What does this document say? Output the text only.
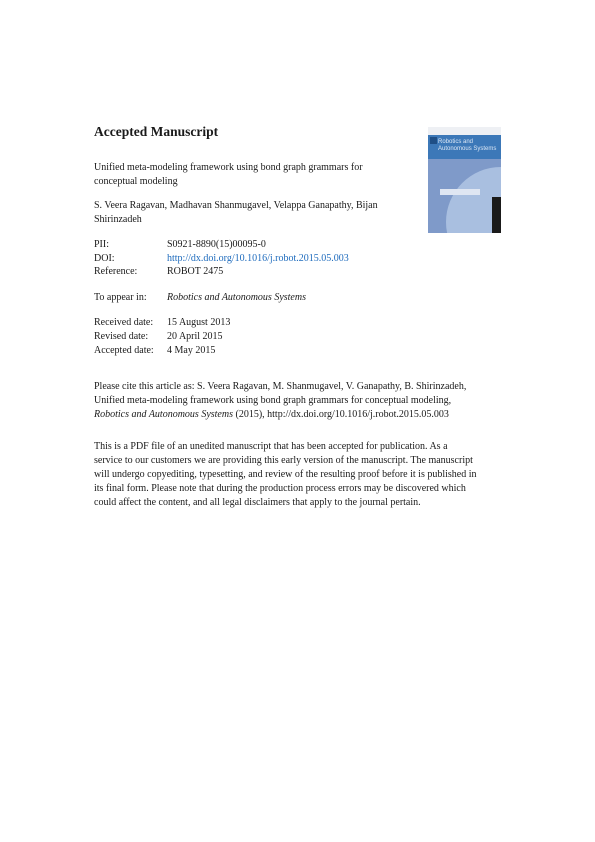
Accepted Manuscript
Unified meta-modeling framework using bond graph grammars for
conceptual modeling
S. Veera Ragavan, Madhavan Shanmugavel, Velappa Ganapathy, Bijan
Shirinzadeh
PII:	S0921-8890(15)00095-0
DOI:	http://dx.doi.org/10.1016/j.robot.2015.05.003
Reference:	ROBOT 2475
To appear in: Robotics and Autonomous Systems
Received date: 15 August 2013
Revised date: 20 April 2015
Accepted date: 4 May 2015

Please cite this article as: S. Veera Ragavan, M. Shanmugavel, V. Ganapathy, B. Shirinzadeh,

Unified meta-modeling framework using bond graph grammars for conceptual modeling,

Robotics and Autonomous Systems (2015), http://dx.doi.org/10.1016/j.robot.2015.05.003

This is a PDF file of an unedited manuscript that has been accepted for publication. As a
service to our customers we are providing this early version of the manuscript. The manuscript
will undergo copyediting, typesetting, and review of the resulting proof before it is published in
its final form. Please note that during the production process errors may be discovered which
could affect the content, and all legal disclaimers that apply to the journal pertain.
Robotics and
Autonomous Systems
